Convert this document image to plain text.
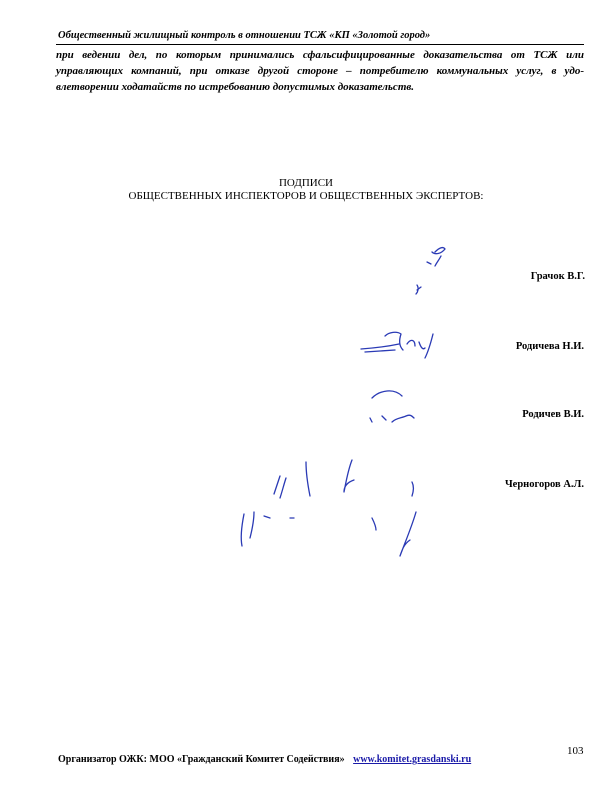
Общественный жилищный контроль в отношении ТСЖ «КП «Золотой город»
при ведении дел, по которым принимались сфальсифицированные доказательства от ТСЖ или
управляющих компаний, при отказе другой стороне – потребителю коммунальных услуг, в удо-
влетворении ходатайств по истребованию допустимых доказательств.
ПОДПИСИ
ОБЩЕСТВЕННЫХ ИНСПЕКТОРОВ И ОБЩЕСТВЕННЫХ ЭКСПЕРТОВ:
Грачок В.Г.
Родичева Н.И.
Родичев В.И.
Черногоров А.Л.
Организатор ОЖК: МОО «Гражданский Комитет Содействия» www.komitet.grasdanski.ru
103
